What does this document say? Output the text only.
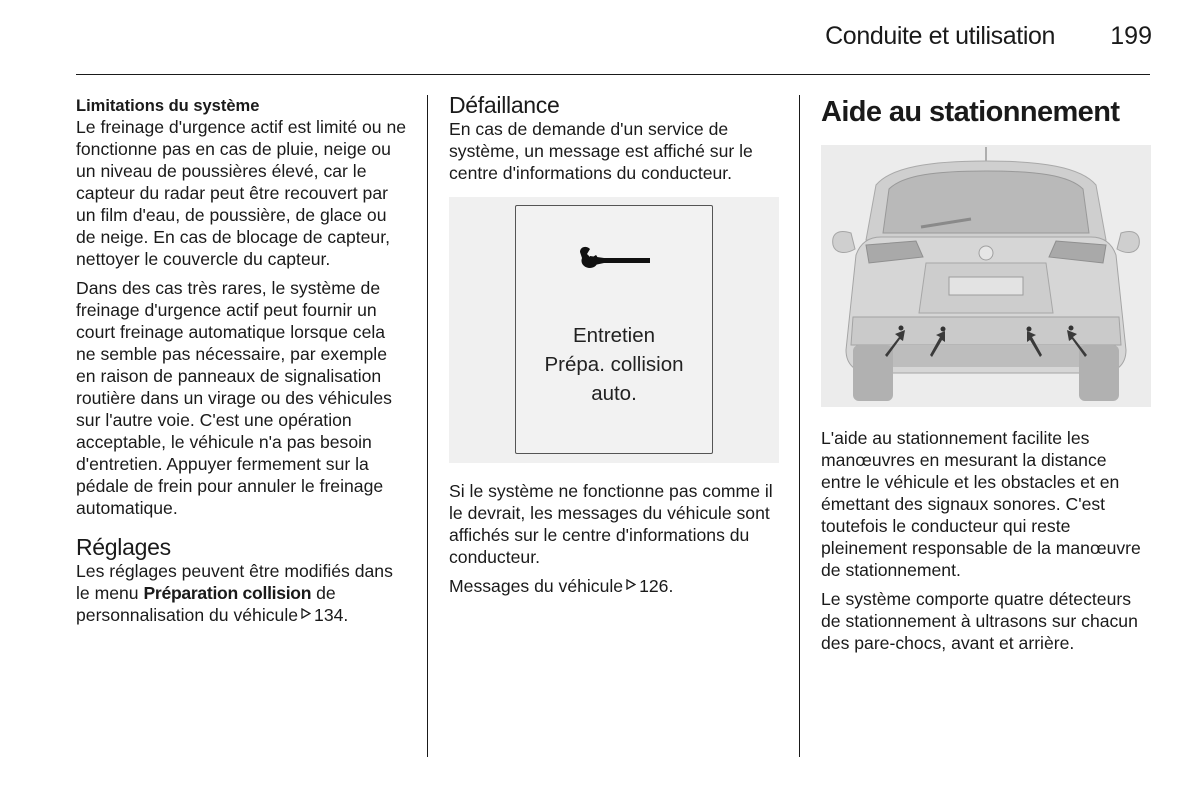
Conduite et utilisation 199
Limitations du système

Le freinage d'urgence actif est limité ou ne fonctionne pas en cas de pluie, neige ou un niveau de poussières élevé, car le capteur du radar peut être recouvert par un film d'eau, de poussière, de glace ou de neige. En cas de blocage de capteur, nettoyer le couvercle du capteur.

Dans des cas très rares, le système de freinage d'urgence actif peut fournir un court freinage automatique lorsque cela ne semble pas nécessaire, par exemple en raison de panneaux de signalisation routière dans un virage ou des véhicules sur l'autre voie. C'est une opération acceptable, le véhicule n'a pas besoin d'entretien. Appuyer fermement sur la pédale de frein pour annuler le freinage automatique.

Réglages

Les réglages peuvent être modifiés dans le menu Préparation collision de personnalisation du véhicule 134.

Défaillance

En cas de demande d'un service de système, un message est affiché sur le centre d'informations du conducteur.

Entretien
Prépa. collision
auto.

Si le système ne fonctionne pas comme il le devrait, les messages du véhicule sont affichés sur le centre d'informations du conducteur.

Messages du véhicule 126.

Aide au stationnement

L'aide au stationnement facilite les manœuvres en mesurant la distance entre le véhicule et les obstacles et en émettant des signaux sonores. C'est toutefois le conducteur qui reste pleinement responsable de la manœuvre de stationnement.

Le système comporte quatre détecteurs de stationnement à ultrasons sur chacun des pare-chocs, avant et arrière.
